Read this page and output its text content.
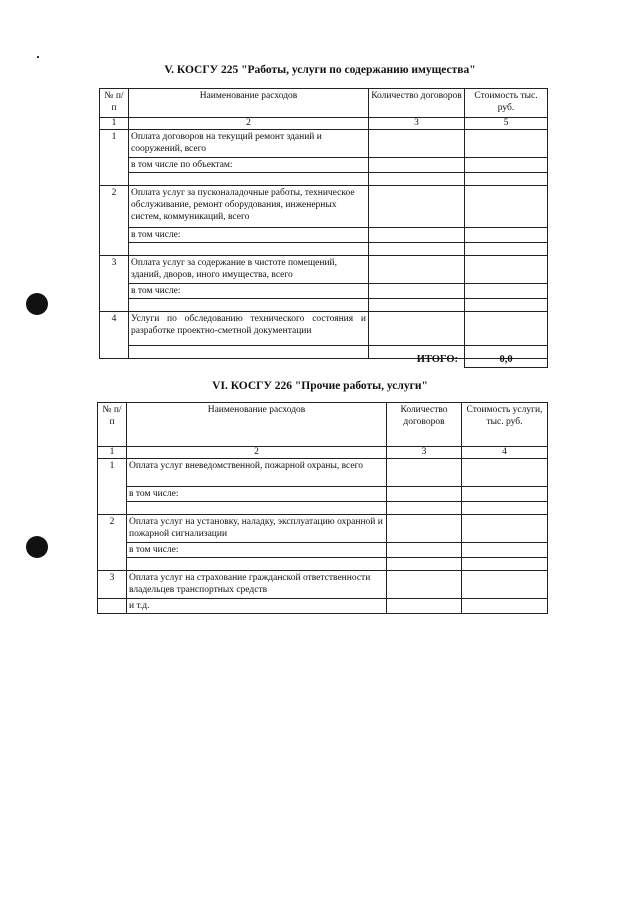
V. КОСГУ 225 "Работы, услуги по содержанию имущества"
№ п/п	Наименование расходов	Количество договоров	Стоимость тыс. руб.
1	2	3	5
1	Оплата договоров на текущий ремонт зданий и сооружений, всего		
	в том числе по объектам:		

2	Оплата услуг за пусконаладочные работы, техническое обслуживание, ремонт оборудования, инженерных систем, коммуникаций, всего		
	в том числе:		

3	Оплата услуг за содержание в чистоте помещений, зданий, дворов, иного имущества, всего		
	в том числе:		

4	Услуги по обследованию технического состояния и разработке проектно-сметной документации		

ИТОГО:	0,0
VI. КОСГУ 226 "Прочие работы, услуги"
№ п/п	Наименование расходов	Количество договоров	Стоимость услуги, тыс. руб.
1	2	3	4
1	Оплата услуг вневедомственной, пожарной охраны, всего		
	в том числе:		

2	Оплата услуг на установку, наладку, эксплуатацию охранной и пожарной сигнализации		
	в том числе:		

3	Оплата услуг на страхование гражданской ответственности владельцев транспортных средств		
	и т.д.		
